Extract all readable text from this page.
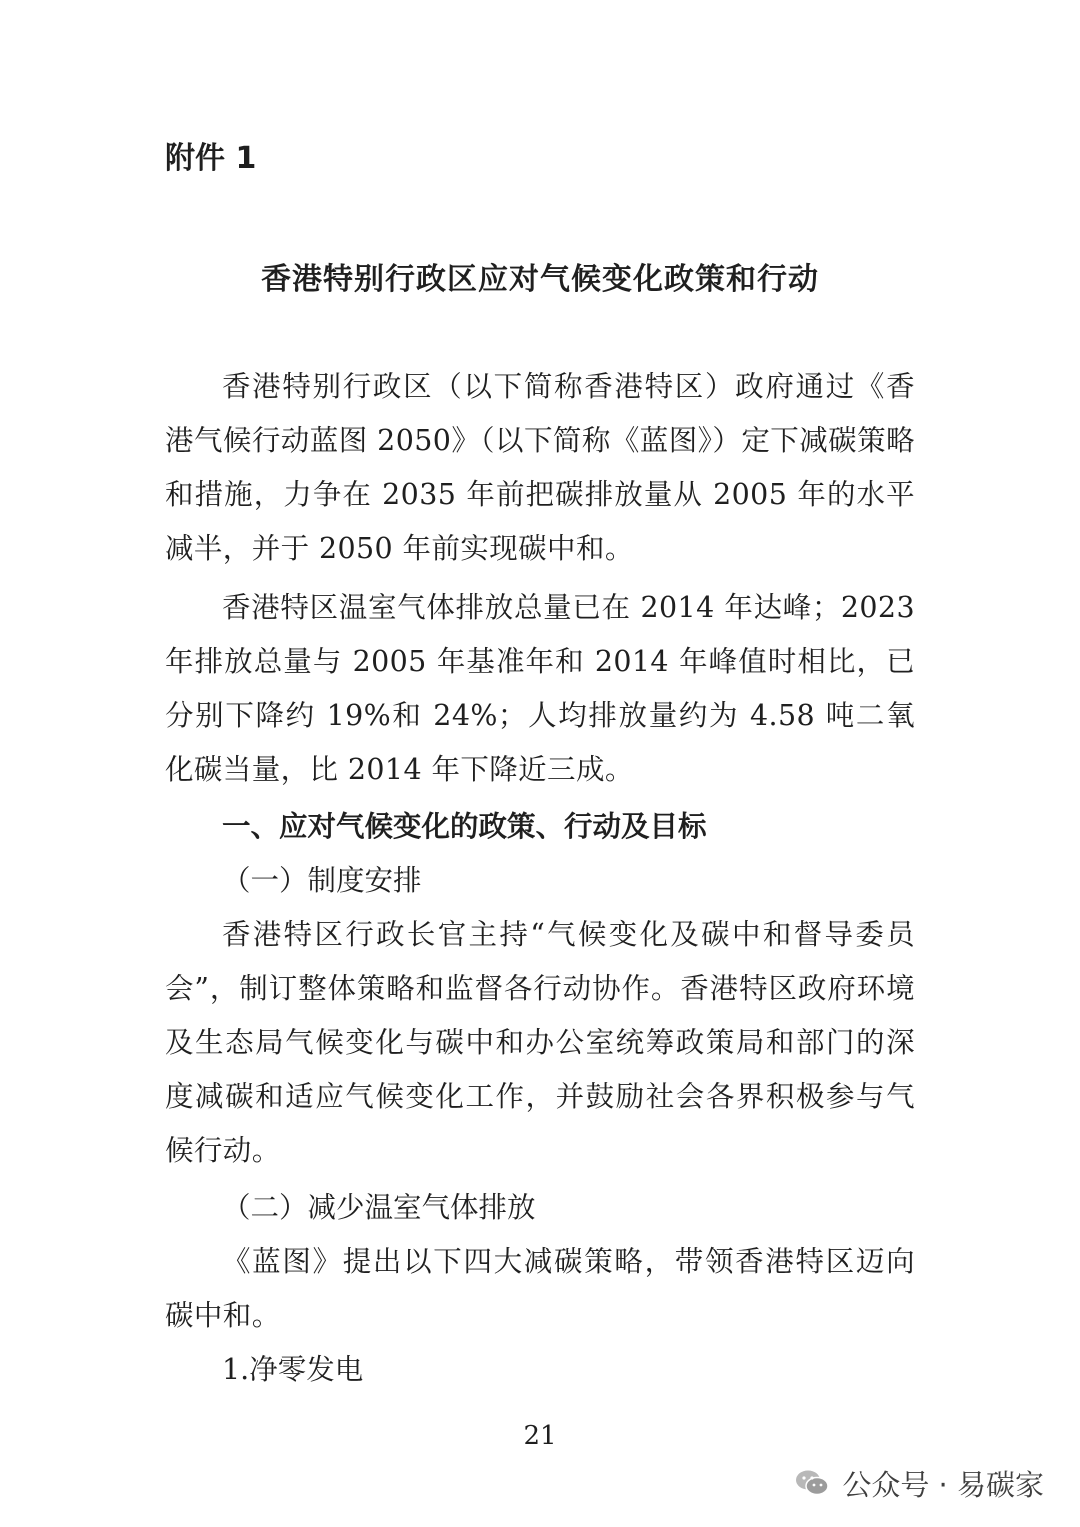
附件 1
香港特别行政区应对气候变化政策和行动
香港特别行政区（以下简称香港特区）政府通过《香港气候行动蓝图 2050》（以下简称《蓝图》）定下减碳策略和措施，力争在 2035 年前把碳排放量从 2005 年的水平减半，并于 2050 年前实现碳中和。
香港特区温室气体排放总量已在 2014 年达峰；2023 年排放总量与 2005 年基准年和 2014 年峰值时相比，已分别下降约 19%和 24%；人均排放量约为 4.58 吨二氧化碳当量，比 2014 年下降近三成。
一、应对气候变化的政策、行动及目标
（一）制度安排
香港特区行政长官主持“气候变化及碳中和督导委员会”，制订整体策略和监督各行动协作。香港特区政府环境及生态局气候变化与碳中和办公室统筹政策局和部门的深度减碳和适应气候变化工作，并鼓励社会各界积极参与气候行动。
（二）减少温室气体排放
《蓝图》提出以下四大减碳策略，带领香港特区迈向碳中和。
1.净零发电
21
公众号 · 易碳家
